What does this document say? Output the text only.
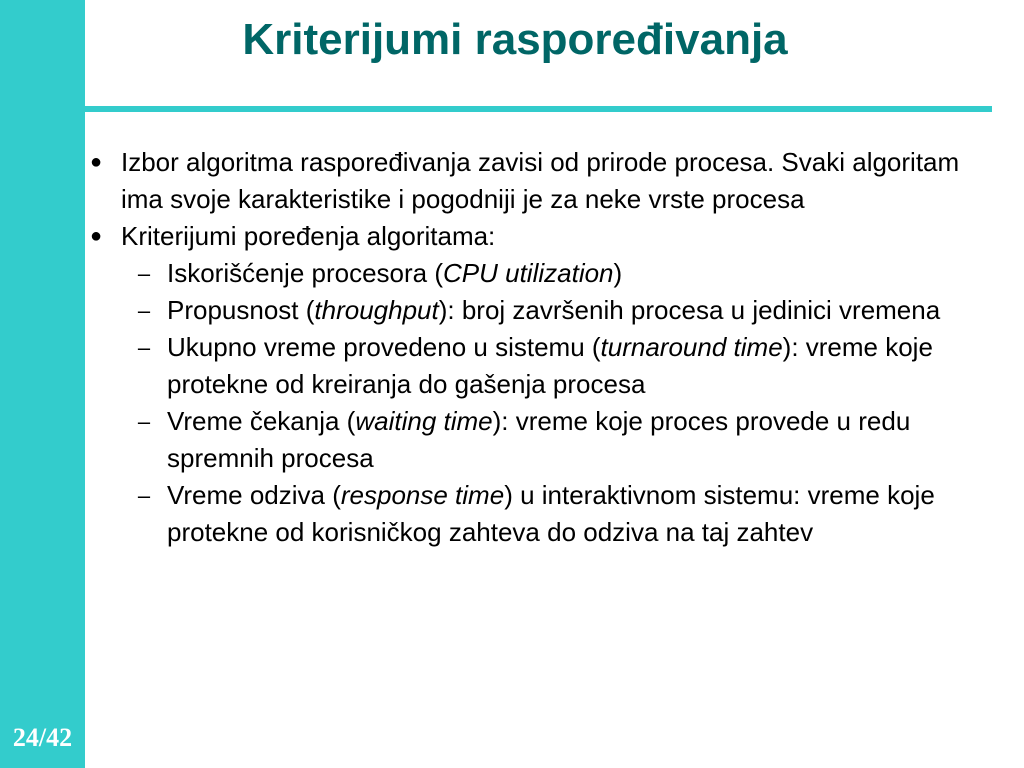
24/42
Kriterijumi raspoređivanja
● Izbor algoritma raspoređivanja zavisi od prirode procesa. Svaki algoritam ima svoje karakteristike i pogodniji je za neke vrste procesa
● Kriterijumi poređenja algoritama:
– Iskorišćenje procesora (CPU utilization)
– Propusnost (throughput): broj završenih procesa u jedinici vremena
– Ukupno vreme provedeno u sistemu (turnaround time): vreme koje protekne od kreiranja do gašenja procesa
– Vreme čekanja (waiting time): vreme koje proces provede u redu spremnih procesa
– Vreme odziva (response time) u interaktivnom sistemu: vreme koje protekne od korisničkog zahteva do odziva na taj zahtev
